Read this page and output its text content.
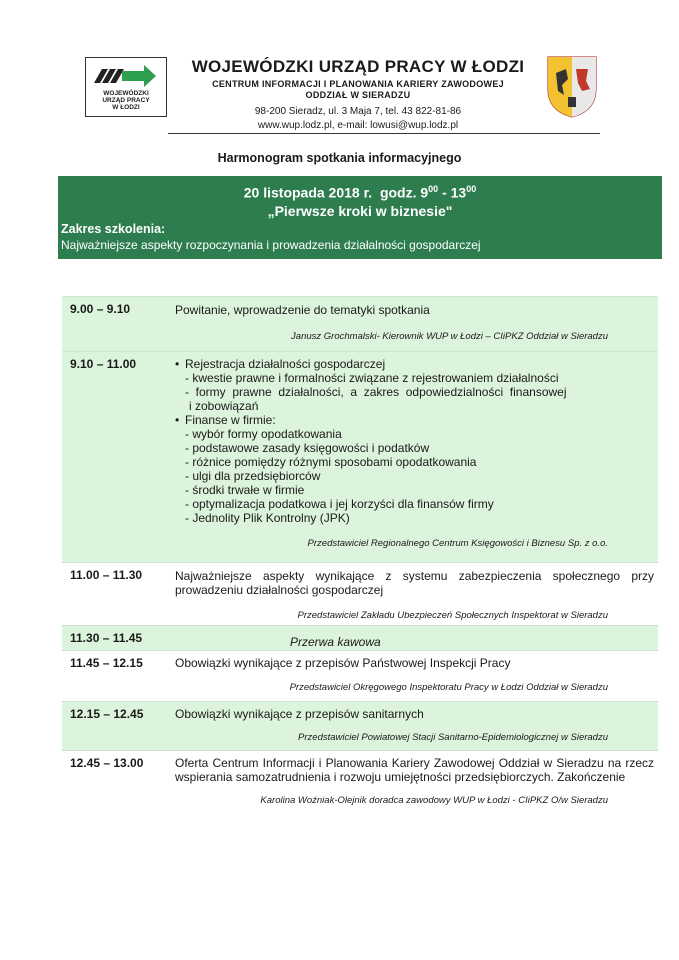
WOJEWÓDZKI
URZĄD PRACY
W ŁODZI
WOJEWÓDZKI URZĄD PRACY W ŁODZI
CENTRUM INFORMACJI I PLANOWANIA KARIERY ZAWODOWEJ
ODDZIAŁ W SIERADZU
98-200 Sieradz, ul. 3 Maja 7, tel. 43 822-81-86
www.wup.lodz.pl, e-mail: lowusi@wup.lodz.pl
Harmonogram spotkania informacyjnego
20 listopada 2018 r. godz. $9^{00} - 13^{00}$
„Pierwsze kroki w biznesie"
Zakres szkolenia:
Najważniejsze aspekty rozpoczynania i prowadzenia działalności gospodarczej
9.00 – 9.10	Powitanie, wprowadzenie do tematyki spotkania
Janusz Grochmalski- Kierownik WUP w Łodzi – CIiPKZ Oddział w Sieradzu
9.10 – 11.00
•	Rejestracja działalności gospodarczej
- kwestie prawne i formalności związane z rejestrowaniem działalności
-  formy  prawne  działalności,  a  zakres  odpowiedzialności  finansowej
i zobowiązań
• Finanse w firmie:
- wybór formy opodatkowania
- podstawowe zasady księgowości i podatków
- różnice pomiędzy różnymi sposobami opodatkowania
- ulgi dla przedsiębiorców
- środki trwałe w firmie
- optymalizacja podatkowa i jej korzyści dla finansów firmy
- Jednolity Plik Kontrolny (JPK)
Przedstawiciel Regionalnego Centrum Księgowości i Biznesu Sp. z o.o.
11.00 – 11.30	Najważniejsze aspekty wynikające z systemu zabezpieczenia społecznego przy prowadzeniu działalności gospodarczej
Przedstawiciel Zakładu Ubezpieczeń Społecznych Inspektorat w Sieradzu
11.30 – 11.45	Przerwa kawowa
11.45 – 12.15	Obowiązki wynikające z przepisów Państwowej Inspekcji Pracy
Przedstawiciel Okręgowego Inspektoratu Pracy w Łodzi Oddział w Sieradzu
12.15 – 12.45	Obowiązki wynikające z przepisów sanitarnych
Przedstawiciel Powiatowej Stacji Sanitarno-Epidemiologicznej w Sieradzu
12.45 – 13.00	Oferta Centrum Informacji i Planowania Kariery Zawodowej Oddział w Sieradzu na rzecz wspierania samozatrudnienia i rozwoju umiejętności przedsiębiorczych. Zakończenie
Karolina Woźniak-Olejnik doradca zawodowy WUP w Łodzi - CIiPKZ O/w Sieradzu
